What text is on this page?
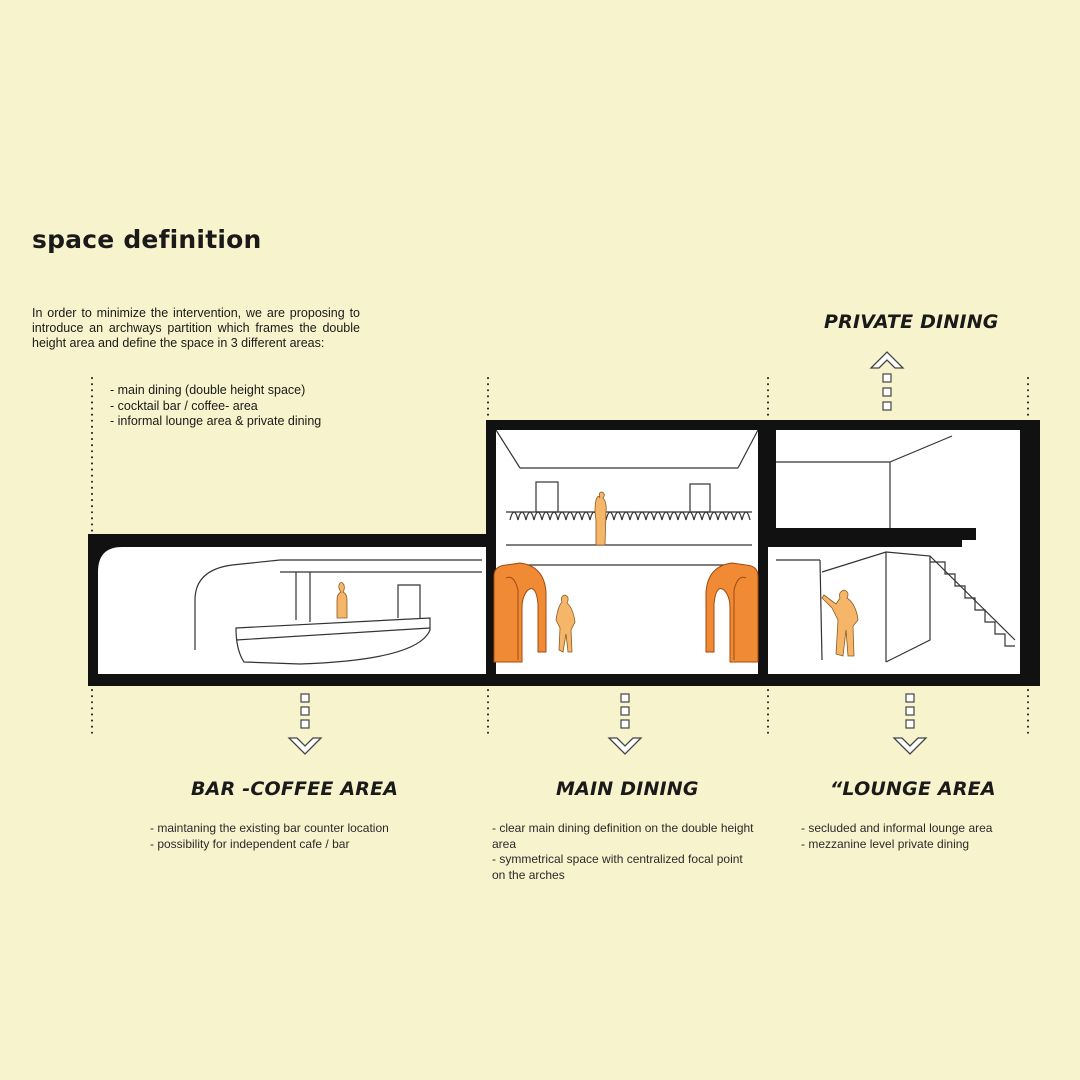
space definition

In order to minimize the intervention, we are proposing to introduce an archways partition which frames the double height area and define the space in 3 different areas:

- main dining (double height space)
- cocktail bar / coffee- area
- informal lounge area & private dining
PRIVATE DINING
BAR -COFFEE AREA
- maintaning the existing bar counter location
- possibility for independent cafe / bar
MAIN DINING
- clear main dining definition on the double height area
- symmetrical space with centralized focal point on the arches
“LOUNGE AREA
- secluded and informal lounge area
- mezzanine level private dining
